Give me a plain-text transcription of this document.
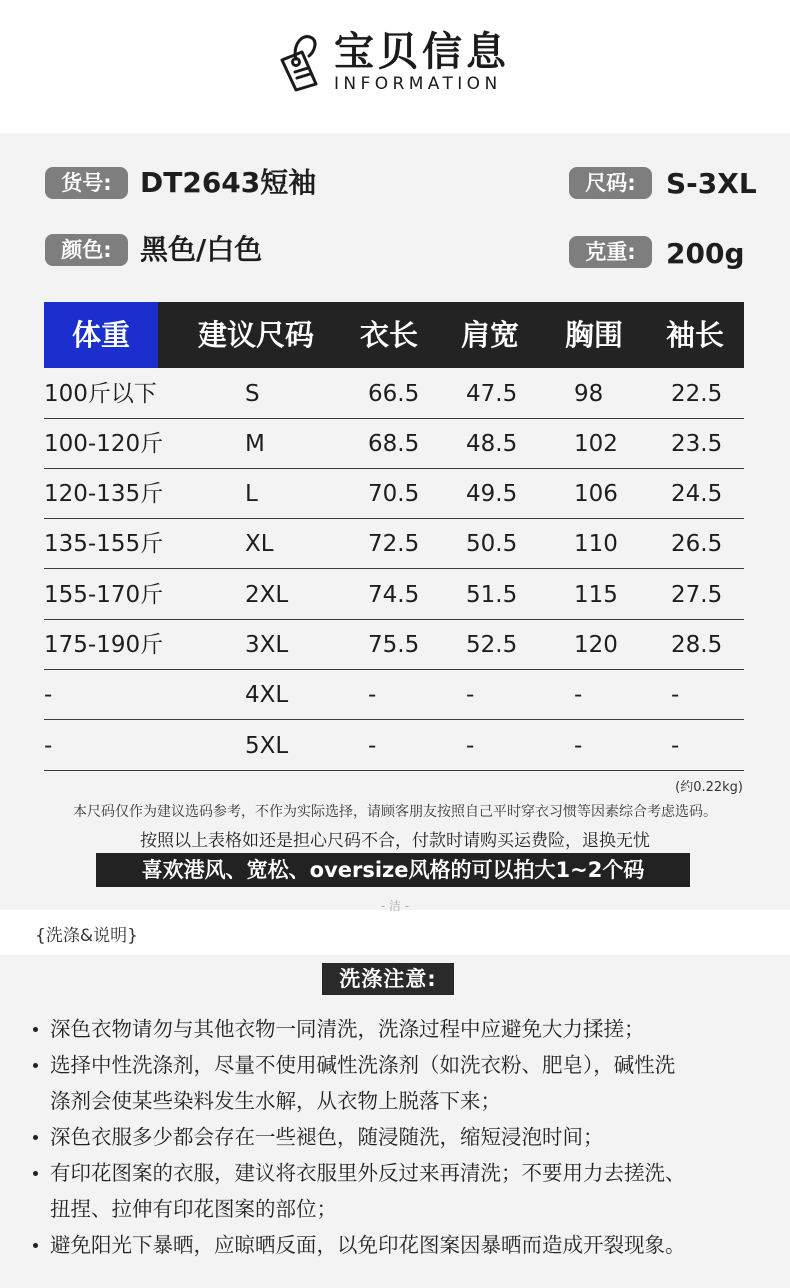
宝贝信息
INFORMATION
货号:	DT2643短袖	尺码:	S-3XL
颜色:	黑色/白色	克重:	200g
体重	建议尺码 衣长 肩宽 胸围 袖长
100斤以下	S	66.5 47.5 98	22.5
100-120斤	M	68.5 48.5 102 23.5
120-135斤	L	70.5 49.5 106 24.5
135-155斤	XL	72.5 50.5 110 26.5
155-170斤	2XL	74.5 51.5 115 27.5
175-190斤	3XL	75.5 52.5 120 28.5
-	4XL	-	-	-	-
-	5XL	-	-	-	-
(约0.22kg)
本尺码仅作为建议选码参考，不作为实际选择，请顾客朋友按照自己平时穿衣习惯等因素综合考虑选码。
按照以上表格如还是担心尺码不合，付款时请购买运费险，退换无忧
喜欢港风、宽松、oversize风格的可以拍大1~2个码
- 洁 -
{洗涤&说明}
洗涤注意:
深色衣物请勿与其他衣物一同清洗，洗涤过程中应避免大力揉搓；
选择中性洗涤剂，尽量不使用碱性洗涤剂（如洗衣粉、肥皂），碱性洗
涤剂会使某些染料发生水解，从衣物上脱落下来；
深色衣服多少都会存在一些褪色，随浸随洗，缩短浸泡时间；
有印花图案的衣服，建议将衣服里外反过来再清洗；不要用力去搓洗、
扭捏、拉伸有印花图案的部位；
避免阳光下暴晒，应晾晒反面，以免印花图案因暴晒而造成开裂现象。
